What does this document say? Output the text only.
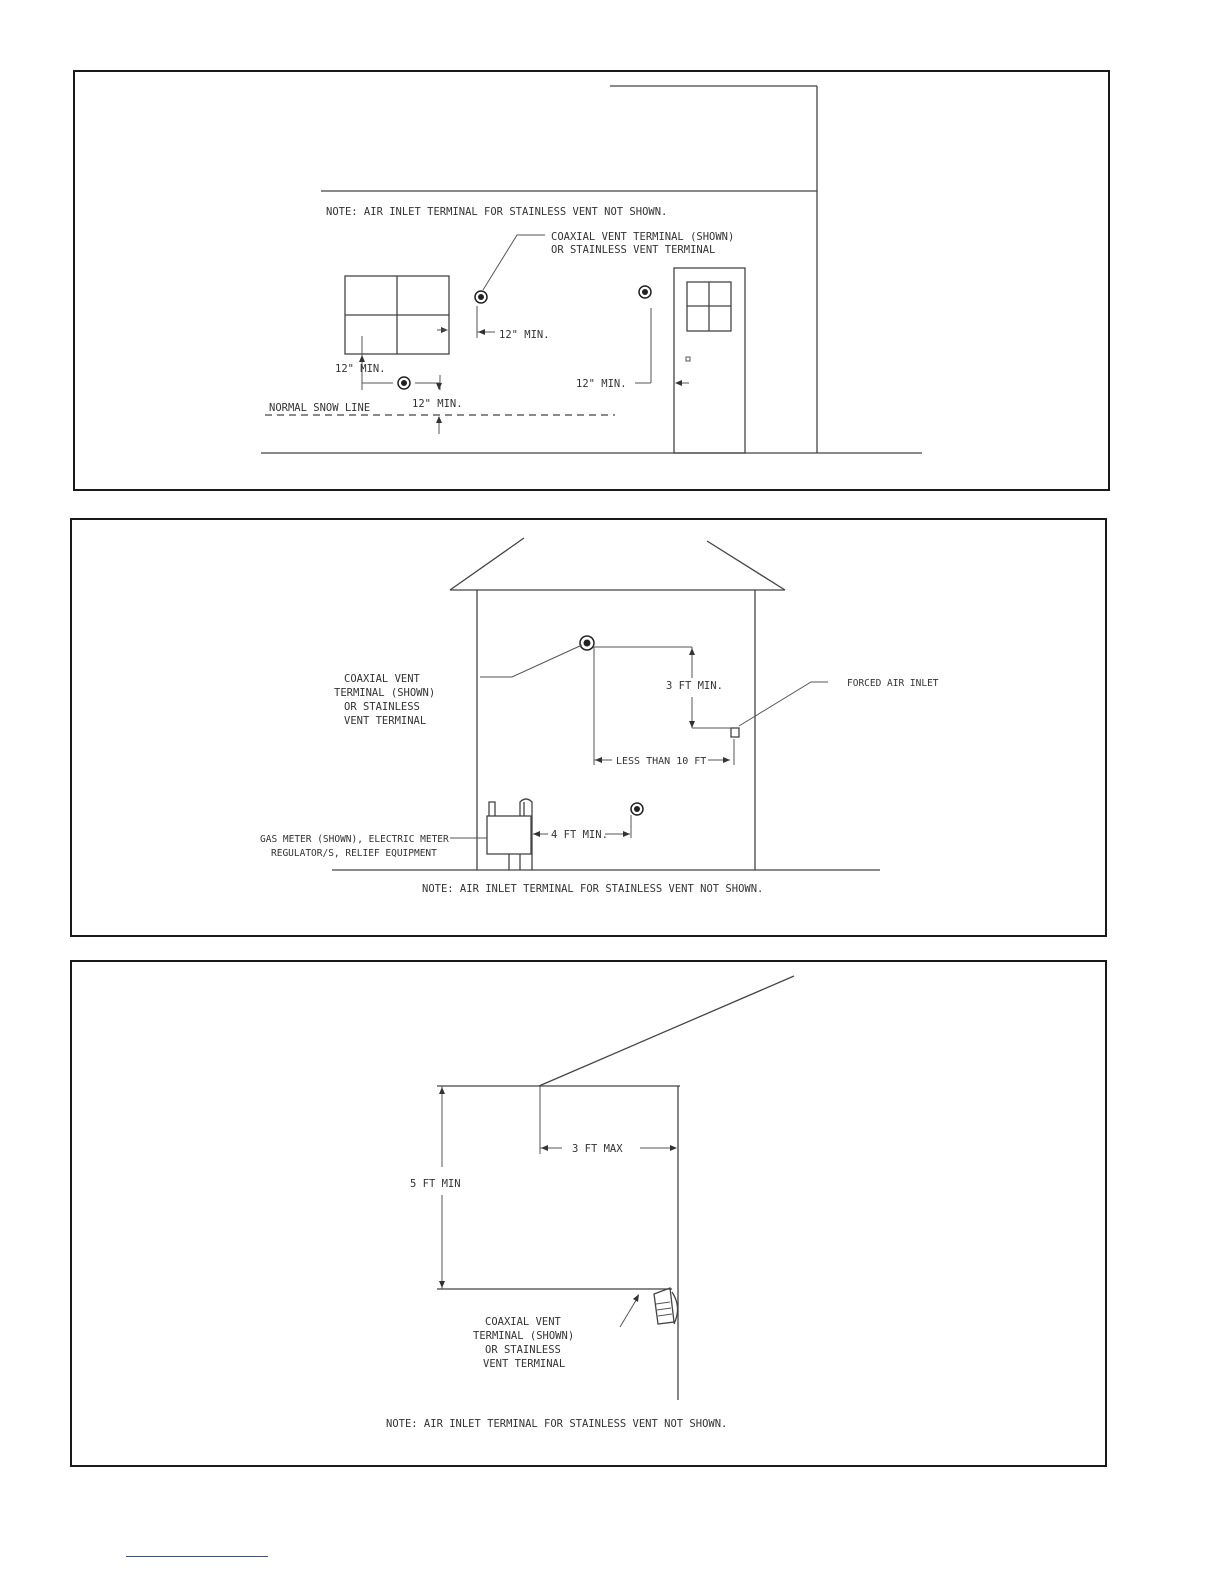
NOTE: AIR INLET TERMINAL FOR STAINLESS VENT NOT SHOWN.
COAXIAL VENT TERMINAL (SHOWN)
OR STAINLESS VENT TERMINAL
12" MIN.
12" MIN.
12" MIN.
12" MIN.
NORMAL SNOW LINE
COAXIAL VENT
TERMINAL (SHOWN)
OR STAINLESS
VENT TERMINAL
3 FT MIN.	FORCED AIR INLET
LESS THAN 10 FT
GAS METER (SHOWN), ELECTRIC METER
REGULATOR/S, RELIEF EQUIPMENT
4 FT MIN.
NOTE: AIR INLET TERMINAL FOR STAINLESS VENT NOT SHOWN.
5 FT MIN
3 FT MAX
COAXIAL VENT
TERMINAL (SHOWN)
OR STAINLESS
VENT TERMINAL
NOTE: AIR INLET TERMINAL FOR STAINLESS VENT NOT SHOWN.
